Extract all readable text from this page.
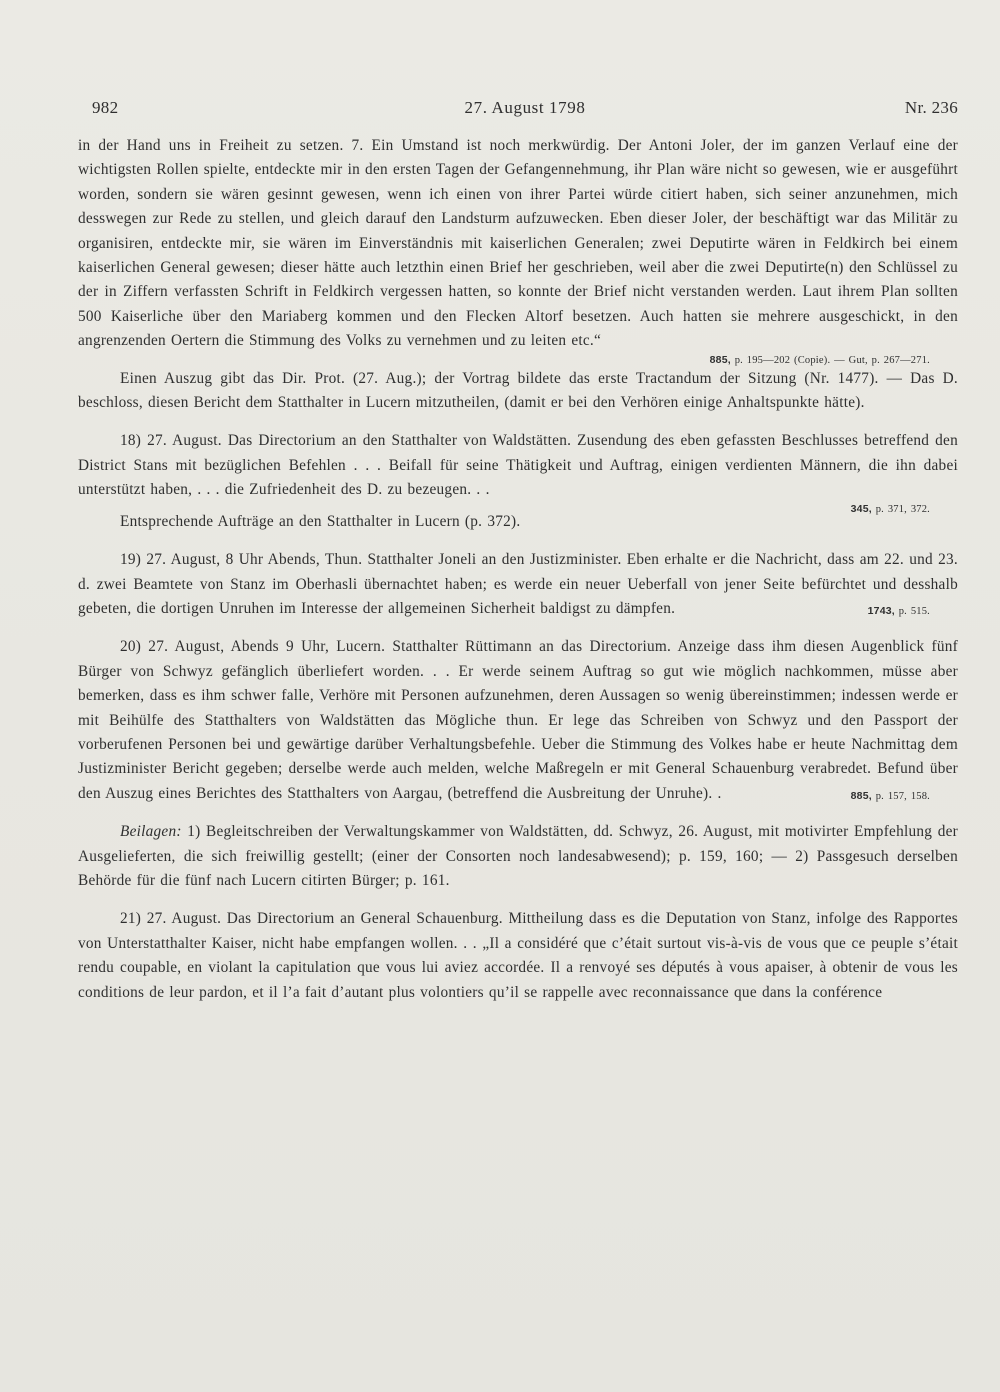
982	27. August 1798	Nr. 236

in der Hand uns in Freiheit zu setzen. 7. Ein Umstand ist noch merkwürdig. Der Antoni Joler, der im ganzen Verlauf eine der wichtigsten Rollen spielte, entdeckte mir in den ersten Tagen der Gefangennehmung, ihr Plan wäre nicht so gewesen, wie er ausgeführt worden, sondern sie wären gesinnt gewesen, wenn ich einen von ihrer Partei würde citiert haben, sich seiner anzunehmen, mich desswegen zur Rede zu stellen, und gleich darauf den Landsturm aufzuwecken. Eben dieser Joler, der beschäftigt war das Militär zu organisiren, entdeckte mir, sie wären im Einverständnis mit kaiserlichen Generalen; zwei Deputirte wären in Feldkirch bei einem kaiserlichen General gewesen; dieser hätte auch letzthin einen Brief her geschrieben, weil aber die zwei Deputirte(n) den Schlüssel zu der in Ziffern verfassten Schrift in Feldkirch vergessen hatten, so konnte der Brief nicht verstanden werden. Laut ihrem Plan sollten 500 Kaiserliche über den Mariaberg kommen und den Flecken Altorf besetzen. Auch hatten sie mehrere ausgeschickt, in den angrenzenden Oertern die Stimmung des Volks zu vernehmen und zu leiten etc.“

885, p. 195—202 (Copie). — Gut, p. 267—271.

Einen Auszug gibt das Dir. Prot. (27. Aug.); der Vortrag bildete das erste Tractandum der Sitzung (Nr. 1477). — Das D. beschloss, diesen Bericht dem Statthalter in Lucern mitzutheilen, (damit er bei den Verhören einige Anhaltspunkte hätte).

18) 27. August. Das Directorium an den Statthalter von Waldstätten. Zusendung des eben gefassten Beschlusses betreffend den District Stans mit bezüglichen Befehlen . . . Beifall für seine Thätigkeit und Auftrag, einigen verdienten Männern, die ihn dabei unterstützt haben, . . . die Zufriedenheit des D. zu bezeugen. . .

345, p. 371, 372.

Entsprechende Aufträge an den Statthalter in Lucern (p. 372).

19) 27. August, 8 Uhr Abends, Thun. Statthalter Joneli an den Justizminister. Eben erhalte er die Nachricht, dass am 22. und 23. d. zwei Beamtete von Stanz im Oberhasli übernachtet haben; es werde ein neuer Ueberfall von jener Seite befürchtet und desshalb gebeten, die dortigen Unruhen im Interesse der allgemeinen Sicherheit baldigst zu dämpfen.	1743, p. 515.

20) 27. August, Abends 9 Uhr, Lucern. Statthalter Rüttimann an das Directorium. Anzeige dass ihm diesen Augenblick fünf Bürger von Schwyz gefänglich überliefert worden. . . Er werde seinem Auftrag so gut wie möglich nachkommen, müsse aber bemerken, dass es ihm schwer falle, Verhöre mit Personen aufzunehmen, deren Aussagen so wenig übereinstimmen; indessen werde er mit Beihülfe des Statthalters von Waldstätten das Mögliche thun. Er lege das Schreiben von Schwyz und den Passport der vorberufenen Personen bei und gewärtige darüber Verhaltungsbefehle. Ueber die Stimmung des Volkes habe er heute Nachmittag dem Justizminister Bericht gegeben; derselbe werde auch melden, welche Maßregeln er mit General Schauenburg verabredet. Befund über den Auszug eines Berichtes des Statthalters von Aargau, (betreffend die Ausbreitung der Unruhe). .	885, p. 157, 158.

Beilagen: 1) Begleitschreiben der Verwaltungskammer von Waldstätten, dd. Schwyz, 26. August, mit motivirter Empfehlung der Ausgelieferten, die sich freiwillig gestellt; (einer der Consorten noch landesabwesend); p. 159, 160; — 2) Passgesuch derselben Behörde für die fünf nach Lucern citirten Bürger; p. 161.

21) 27. August. Das Directorium an General Schauenburg. Mittheilung dass es die Deputation von Stanz, infolge des Rapportes von Unterstatthalter Kaiser, nicht habe empfangen wollen. . . „Il a considéré que c’était surtout vis-à-vis de vous que ce peuple s’était rendu coupable, en violant la capitulation que vous lui aviez accordée. Il a renvoyé ses députés à vous apaiser, à obtenir de vous les conditions de leur pardon, et il l’a fait d’autant plus volontiers qu’il se rappelle avec reconnaissance que dans la conférence
